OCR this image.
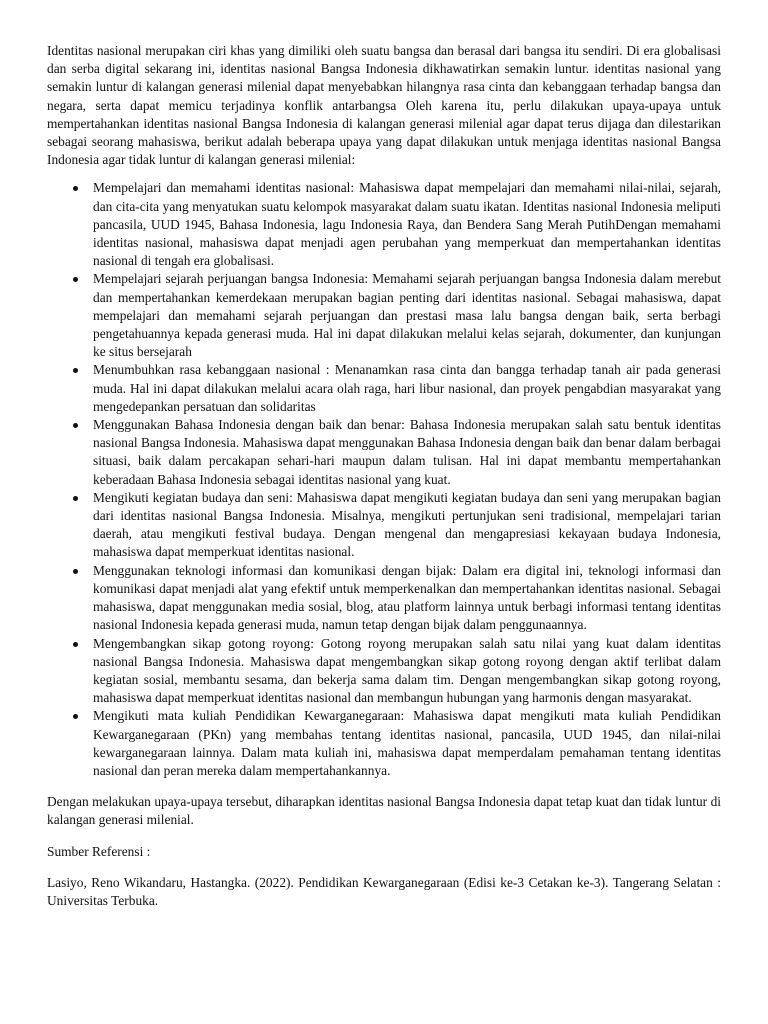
Identitas nasional merupakan ciri khas yang dimiliki oleh suatu bangsa dan berasal dari bangsa itu sendiri. Di era globalisasi dan serba digital sekarang ini, identitas nasional Bangsa Indonesia dikhawatirkan semakin luntur. identitas nasional yang semakin luntur di kalangan generasi milenial dapat menyebabkan hilangnya rasa cinta dan kebanggaan terhadap bangsa dan negara, serta dapat memicu terjadinya konflik antarbangsa Oleh karena itu, perlu dilakukan upaya-upaya untuk mempertahankan identitas nasional Bangsa Indonesia di kalangan generasi milenial agar dapat terus dijaga dan dilestarikan sebagai seorang mahasiswa, berikut adalah beberapa upaya yang dapat dilakukan untuk menjaga identitas nasional Bangsa Indonesia agar tidak luntur di kalangan generasi milenial:

Mempelajari dan memahami identitas nasional: Mahasiswa dapat mempelajari dan memahami nilai-nilai, sejarah, dan cita-cita yang menyatukan suatu kelompok masyarakat dalam suatu ikatan. Identitas nasional Indonesia meliputi pancasila, UUD 1945, Bahasa Indonesia, lagu Indonesia Raya, dan Bendera Sang Merah PutihDengan memahami identitas nasional, mahasiswa dapat menjadi agen perubahan yang memperkuat dan mempertahankan identitas nasional di tengah era globalisasi.
Mempelajari sejarah perjuangan bangsa Indonesia: Memahami sejarah perjuangan bangsa Indonesia dalam merebut dan mempertahankan kemerdekaan merupakan bagian penting dari identitas nasional. Sebagai mahasiswa, dapat mempelajari dan memahami sejarah perjuangan dan prestasi masa lalu bangsa dengan baik, serta berbagi pengetahuannya kepada generasi muda. Hal ini dapat dilakukan melalui kelas sejarah, dokumenter, dan kunjungan ke situs bersejarah
Menumbuhkan rasa kebanggaan nasional : Menanamkan rasa cinta dan bangga terhadap tanah air pada generasi muda. Hal ini dapat dilakukan melalui acara olah raga, hari libur nasional, dan proyek pengabdian masyarakat yang mengedepankan persatuan dan solidaritas
Menggunakan Bahasa Indonesia dengan baik dan benar: Bahasa Indonesia merupakan salah satu bentuk identitas nasional Bangsa Indonesia. Mahasiswa dapat menggunakan Bahasa Indonesia dengan baik dan benar dalam berbagai situasi, baik dalam percakapan sehari-hari maupun dalam tulisan. Hal ini dapat membantu mempertahankan keberadaan Bahasa Indonesia sebagai identitas nasional yang kuat.
Mengikuti kegiatan budaya dan seni: Mahasiswa dapat mengikuti kegiatan budaya dan seni yang merupakan bagian dari identitas nasional Bangsa Indonesia. Misalnya, mengikuti pertunjukan seni tradisional, mempelajari tarian daerah, atau mengikuti festival budaya. Dengan mengenal dan mengapresiasi kekayaan budaya Indonesia, mahasiswa dapat memperkuat identitas nasional.
Menggunakan teknologi informasi dan komunikasi dengan bijak: Dalam era digital ini, teknologi informasi dan komunikasi dapat menjadi alat yang efektif untuk memperkenalkan dan mempertahankan identitas nasional. Sebagai mahasiswa, dapat menggunakan media sosial, blog, atau platform lainnya untuk berbagi informasi tentang identitas nasional Indonesia kepada generasi muda, namun tetap dengan bijak dalam penggunaannya.
Mengembangkan sikap gotong royong: Gotong royong merupakan salah satu nilai yang kuat dalam identitas nasional Bangsa Indonesia. Mahasiswa dapat mengembangkan sikap gotong royong dengan aktif terlibat dalam kegiatan sosial, membantu sesama, dan bekerja sama dalam tim. Dengan mengembangkan sikap gotong royong, mahasiswa dapat memperkuat identitas nasional dan membangun hubungan yang harmonis dengan masyarakat.
Mengikuti mata kuliah Pendidikan Kewarganegaraan: Mahasiswa dapat mengikuti mata kuliah Pendidikan Kewarganegaraan (PKn) yang membahas tentang identitas nasional, pancasila, UUD 1945, dan nilai-nilai kewarganegaraan lainnya. Dalam mata kuliah ini, mahasiswa dapat memperdalam pemahaman tentang identitas nasional dan peran mereka dalam mempertahankannya.

Dengan melakukan upaya-upaya tersebut, diharapkan identitas nasional Bangsa Indonesia dapat tetap kuat dan tidak luntur di kalangan generasi milenial.

Sumber Referensi :

Lasiyo, Reno Wikandaru, Hastangka. (2022). Pendidikan Kewarganegaraan (Edisi ke-3 Cetakan ke-3). Tangerang Selatan : Universitas Terbuka.
